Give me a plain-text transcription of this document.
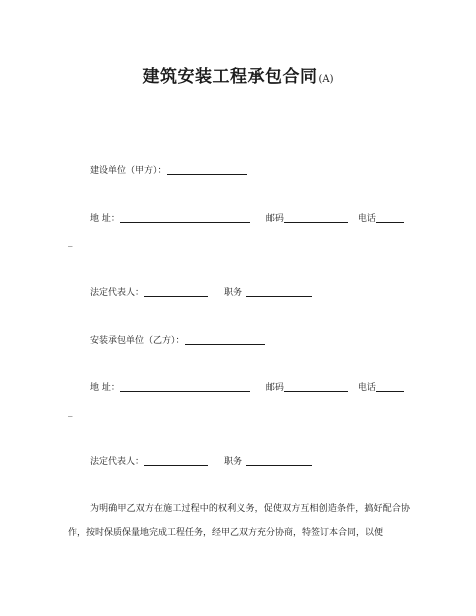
建筑安装工程承包合同(A)
建设单位（甲方）：
地 址：	邮码	电话
_
法定代表人：	职务
安装承包单位（乙方）：
地 址：	邮码	电话
_
法定代表人：	职务
为明确甲乙双方在施工过程中的权利义务，促使双方互相创造条件，搞好配合协作，按时保质保量地完成工程任务，经甲乙双方充分协商，特签订本合同，以便
